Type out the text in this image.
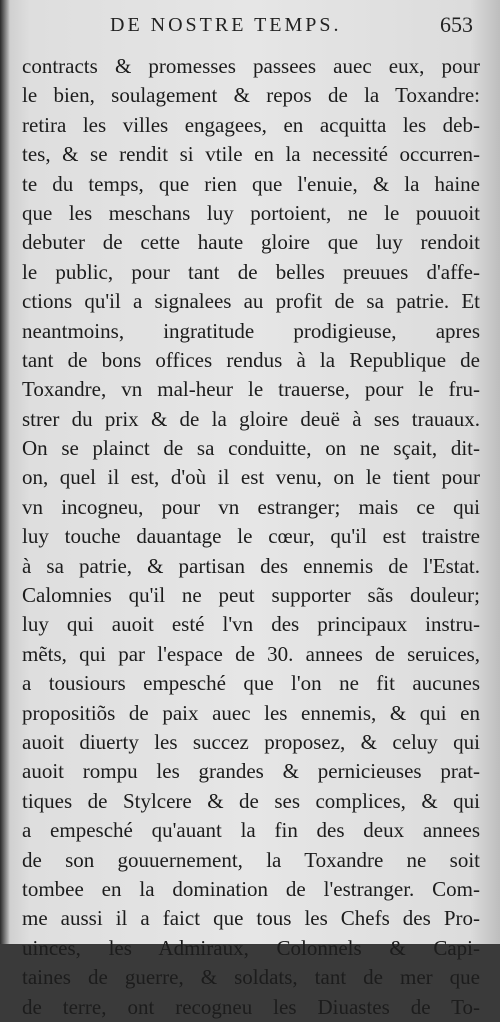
DE NOSTRE TEMPS.	653
contracts & promesses passees auec eux, pour
le bien, soulagement & repos de la Toxandre:
retira les villes engagees, en acquitta les deb-
tes, & se rendit si vtile en la necessité occurren-
te du temps, que rien que l'enuie, & la haine
que les meschans luy portoient, ne le pouuoit
debuter de cette haute gloire que luy rendoit
le public, pour tant de belles preuues d'affe-
ctions qu'il a signalees au profit de sa patrie. Et
neantmoins, ingratitude prodigieuse, apres
tant de bons offices rendus à la Republique de
Toxandre, vn mal-heur le trauerse, pour le fru-
strer du prix & de la gloire deuë à ses trauaux.
On se plainct de sa conduitte, on ne sçait, dit-
on, quel il est, d'où il est venu, on le tient pour
vn incogneu, pour vn estranger; mais ce qui
luy touche dauantage le cœur, qu'il est traistre
à sa patrie, & partisan des ennemis de l'Estat.
Calomnies qu'il ne peut supporter sãs douleur;
luy qui auoit esté l'vn des principaux instru-
mẽts, qui par l'espace de 30. annees de seruices,
a tousiours empesché que l'on ne fit aucunes
propositiõs de paix auec les ennemis, & qui en
auoit diuerty les succez proposez, & celuy qui
auoit rompu les grandes & pernicieuses prat-
tiques de Stylcere & de ses complices, & qui
a empesché qu'auant la fin des deux annees
de son gouuernement, la Toxandre ne soit
tombee en la domination de l'estranger. Com-
me aussi il a faict que tous les Chefs des Pro-
uinces, les Admiraux, Colonnels & Capi-
taines de guerre, & soldats, tant de mer que
de terre, ont recogneu les Diuastes de To-
